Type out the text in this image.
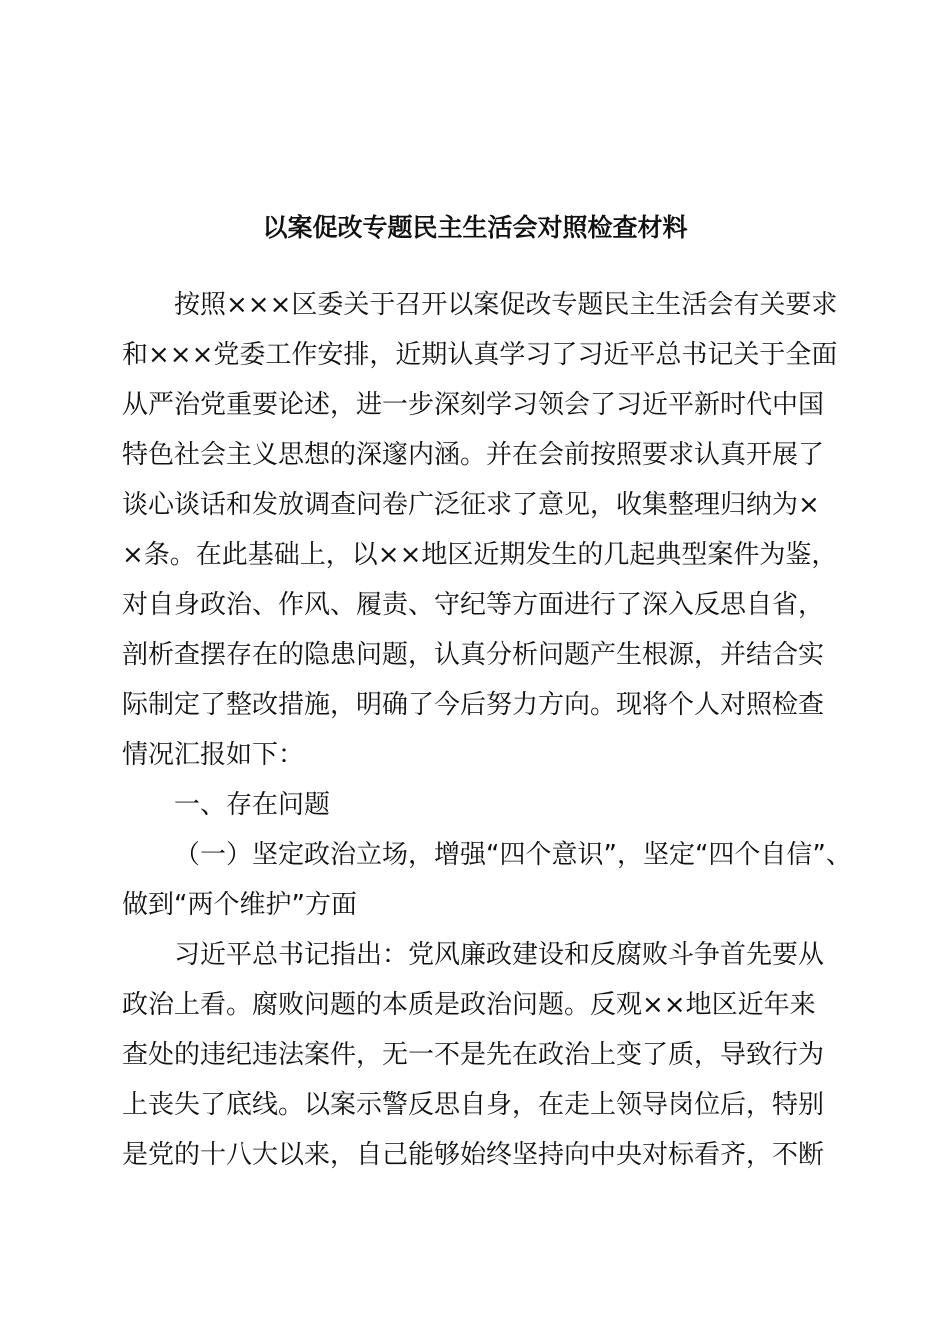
以案促改专题民主生活会对照检查材料
按照×××区委关于召开以案促改专题民主生活会有关要求
和×××党委工作安排，近期认真学习了习近平总书记关于全面
从严治党重要论述，进一步深刻学习领会了习近平新时代中国
特色社会主义思想的深邃内涵。并在会前按照要求认真开展了
谈心谈话和发放调查问卷广泛征求了意见，收集整理归纳为×
×条。在此基础上，以××地区近期发生的几起典型案件为鉴，
对自身政治、作风、履责、守纪等方面进行了深入反思自省，
剖析查摆存在的隐患问题，认真分析问题产生根源，并结合实
际制定了整改措施，明确了今后努力方向。现将个人对照检查
情况汇报如下：
一、存在问题
（一）坚定政治立场，增强“四个意识”，坚定“四个自信”、
做到“两个维护”方面
习近平总书记指出：党风廉政建设和反腐败斗争首先要从
政治上看。腐败问题的本质是政治问题。反观××地区近年来
查处的违纪违法案件，无一不是先在政治上变了质，导致行为
上丧失了底线。以案示警反思自身，在走上领导岗位后，特别
是党的十八大以来，自己能够始终坚持向中央对标看齐，不断
